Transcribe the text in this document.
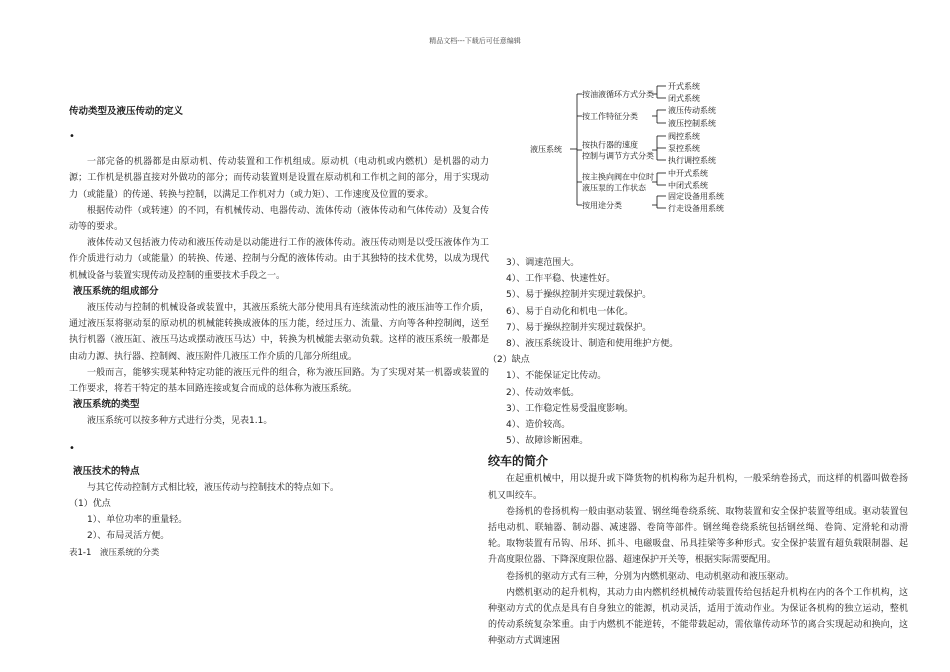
精品文档---下载后可任意编辑

传动类型及液压传动的定义

•

一部完备的机器都是由原动机、传动装置和工作机组成。原动机（电动机或内燃机）是机器的动力源；工作机是机器直接对外做功的部分；而传动装置则是设置在原动机和工作机之间的部分，用于实现动力（或能量）的传递、转换与控制，以满足工作机对力（或力矩）、工作速度及位置的要求。

根据传动件（或转速）的不同，有机械传动、电器传动、流体传动（液体传动和气体传动）及复合传动等的要求。

液体传动又包括液力传动和液压传动是以动能进行工作的液体传动。液压传动则是以受压液体作为工作介质进行动力（或能量）的转换、传递、控制与分配的液体传动。由于其独特的技术优势，以成为现代机械设备与装置实现传动及控制的重要技术手段之一。

液压系统的组成部分

液压传动与控制的机械设备或装置中，其液压系统大部分使用具有连续流动性的液压油等工作介质，通过液压泵将驱动泵的原动机的机械能转换成液体的压力能，经过压力、流量、方向等各种控制阀，送至执行机器（液压缸、液压马达或摆动液压马达）中，转换为机械能去驱动负载。这样的液压系统一般都是由动力源、执行器、控制阀、液压附件几液压工作介质的几部分所组成。

一般而言，能够实现某种特定功能的液压元件的组合，称为液压回路。为了实现对某一机器或装置的工作要求，将若干特定的基本回路连接或复合而成的总体称为液压系统。

液压系统的类型

液压系统可以按多种方式进行分类，见表1.1。

•

液压技术的特点

与其它传动控制方式相比较，液压传动与控制技术的特点如下。

（1）优点

1）、单位功率的重量轻。

2）、布局灵活方便。

表1-1　液压系统的分类

液压系统
按油液循环方式分类
开式系统
闭式系统
按工作特征分类
液压传动系统
液压控制系统
按执行器的速度
控制与调节方式分类
阀控系统
泵控系统
执行调控系统
按主换向阀在中位时
液压泵的工作状态
中开式系统
中闭式系统
按用途分类
固定设备用系统
行走设备用系统

3）、调速范围大。

4）、工作平稳、快速性好。

5）、易于操纵控制并实现过载保护。

6）、易于自动化和机电一体化。

7）、易于操纵控制并实现过载保护。

8）、液压系统设计、制造和使用维护方便。

（2）缺点

1）、不能保证定比传动。

2）、传动效率低。

3）、工作稳定性易受温度影响。

4）、造价较高。

5）、故障诊断困难。

绞车的简介

在起重机械中，用以提升或下降货物的机构称为起升机构，一般采纳卷扬式，而这样的机器叫做卷扬机又叫绞车。

卷扬机的卷扬机构一般由驱动装置、钢丝绳卷绕系统、取物装置和安全保护装置等组成。驱动装置包括电动机、联轴器、制动器、减速器、卷筒等部件。钢丝绳卷绕系统包括钢丝绳、卷筒、定滑轮和动滑轮。取物装置有吊钩、吊环、抓斗、电磁吸盘、吊具挂梁等多种形式。安全保护装置有超负载限制器、起升高度限位器、下降深度限位器、超速保护开关等，根据实际需要配用。

卷扬机的驱动方式有三种，分别为内燃机驱动、电动机驱动和液压驱动。

内燃机驱动的起升机构，其动力由内燃机经机械传动装置传给包括起升机构在内的各个工作机构，这种驱动方式的优点是具有自身独立的能源，机动灵活，适用于流动作业。为保证各机构的独立运动，整机的传动系统复杂笨重。由于内燃机不能逆转，不能带载起动，需依靠传动环节的离合实现起动和换向，这种驱动方式调速困
